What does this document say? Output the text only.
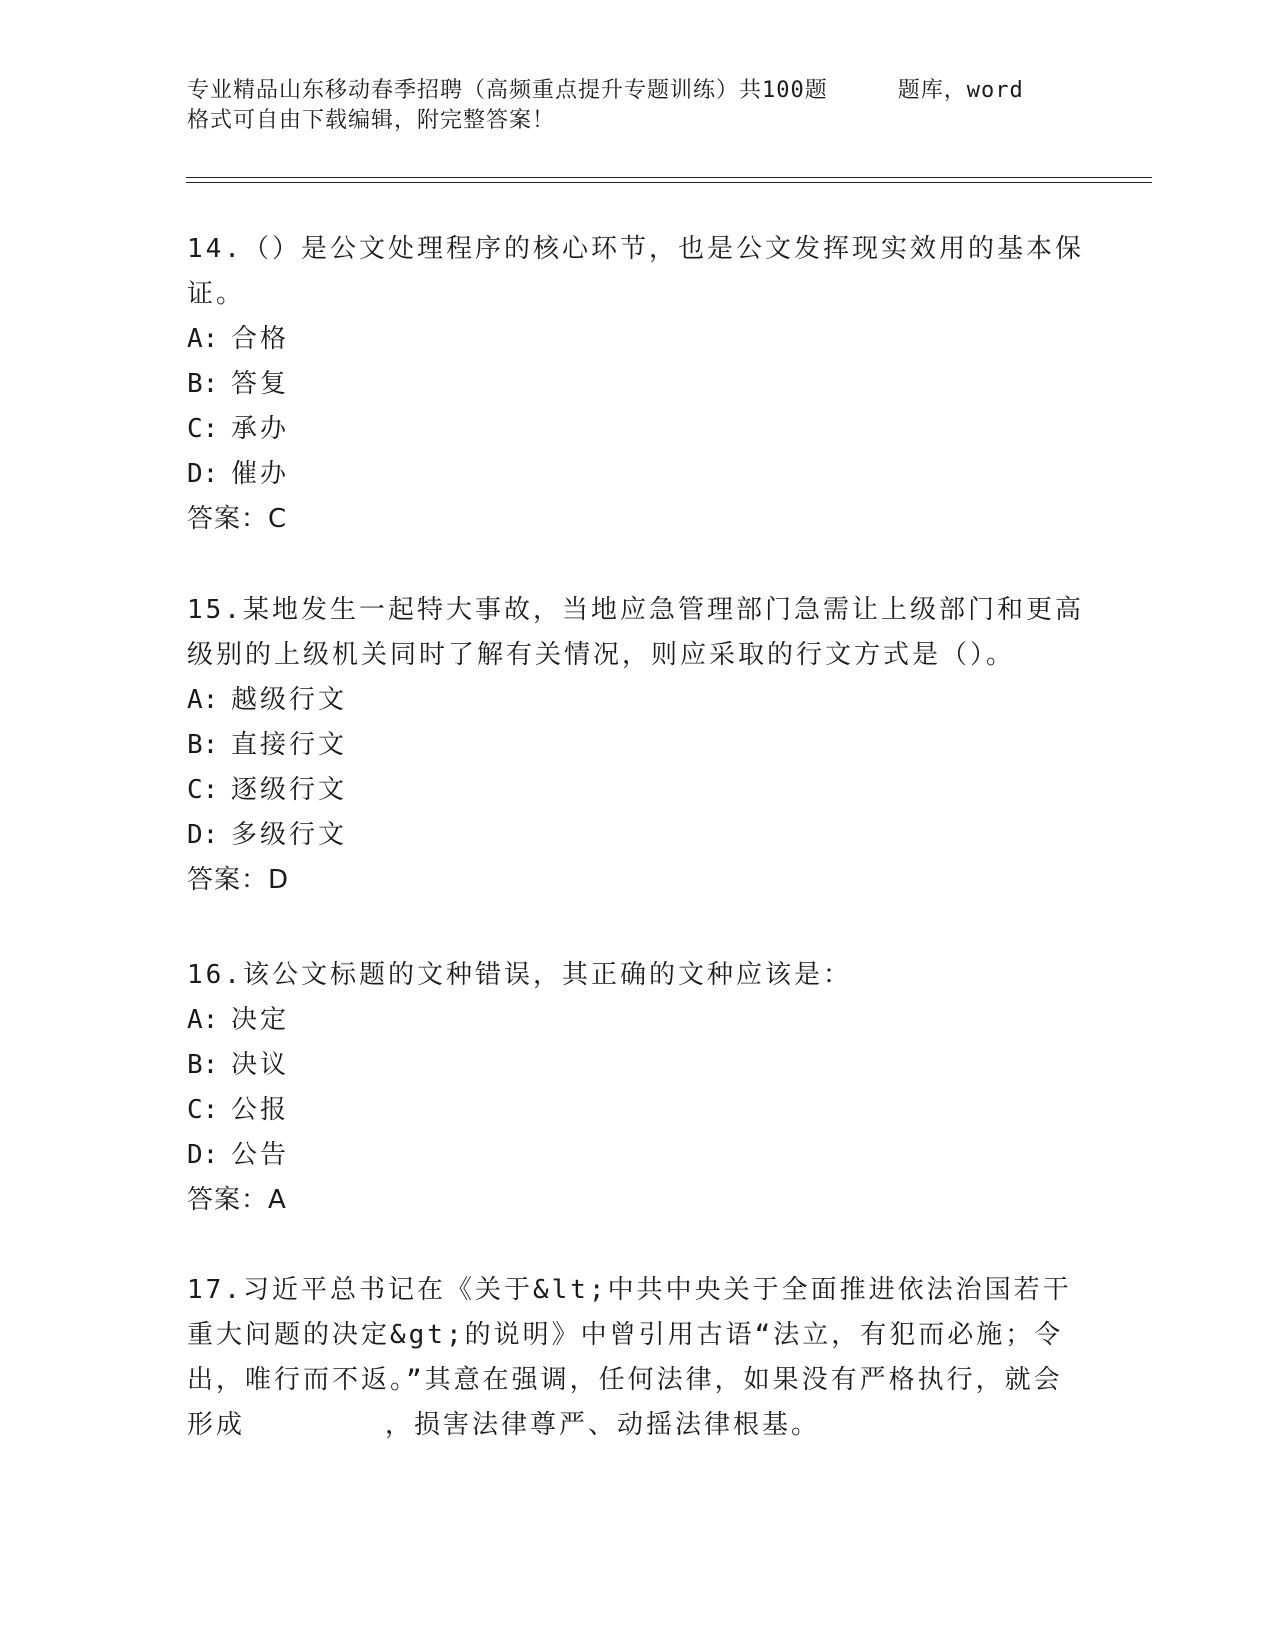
专业精品山东移动春季招聘（高频重点提升专题训练）共100题	题库，word
格式可自由下载编辑，附完整答案！

14.（）是公文处理程序的核心环节，也是公文发挥现实效用的基本保证。

A: 合格

B: 答复

C: 承办

D: 催办

答案：C

15.某地发生一起特大事故，当地应急管理部门急需让上级部门和更高级别的上级机关同时了解有关情况，则应采取的行文方式是（）。

A: 越级行文

B: 直接行文

C: 逐级行文

D: 多级行文

答案：D

16.该公文标题的文种错误，其正确的文种应该是：

A: 决定

B: 决议

C: 公报

D: 公告

答案：A

17.习近平总书记在《关于&lt;中共中央关于全面推进依法治国若干重大问题的决定&gt;的说明》中曾引用古语“法立，有犯而必施；令出，唯行而不返。”其意在强调，任何法律，如果没有严格执行，就会形成	，损害法律尊严、动摇法律根基。
